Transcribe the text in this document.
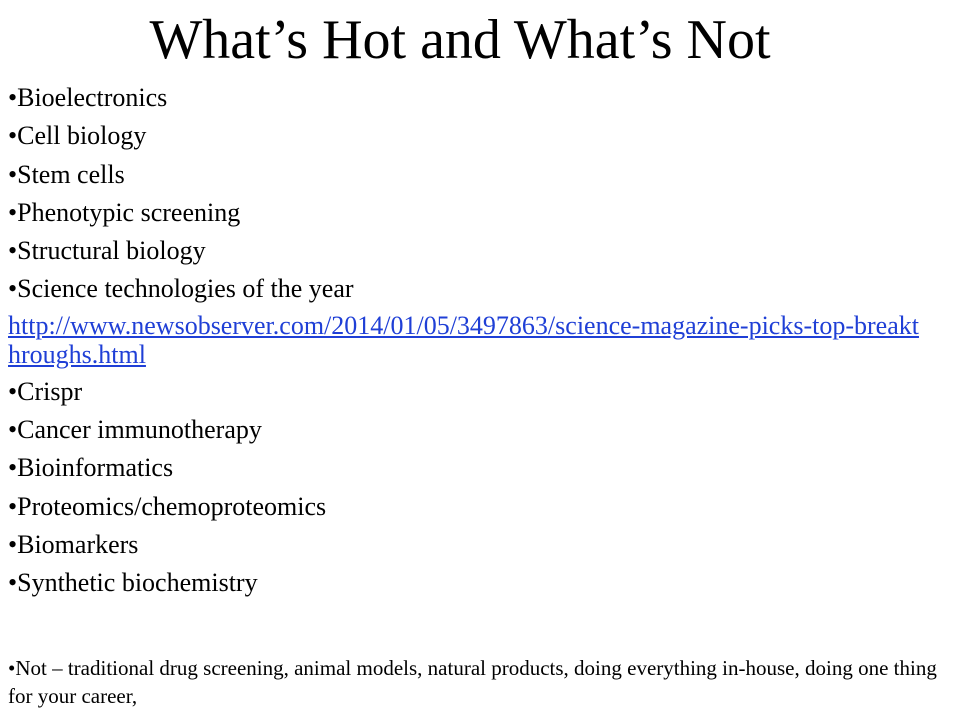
What’s Hot and What’s Not
•Bioelectronics
•Cell biology
•Stem cells
•Phenotypic screening
•Structural biology
•Science technologies of the year
http://www.newsobserver.com/2014/01/05/3497863/science-magazine-picks-top-breakthroughs.html
•Crispr
•Cancer immunotherapy
•Bioinformatics
•Proteomics/chemoproteomics
•Biomarkers
•Synthetic biochemistry
•Not – traditional drug screening, animal models, natural products, doing everything in-house, doing one thing for your career,
